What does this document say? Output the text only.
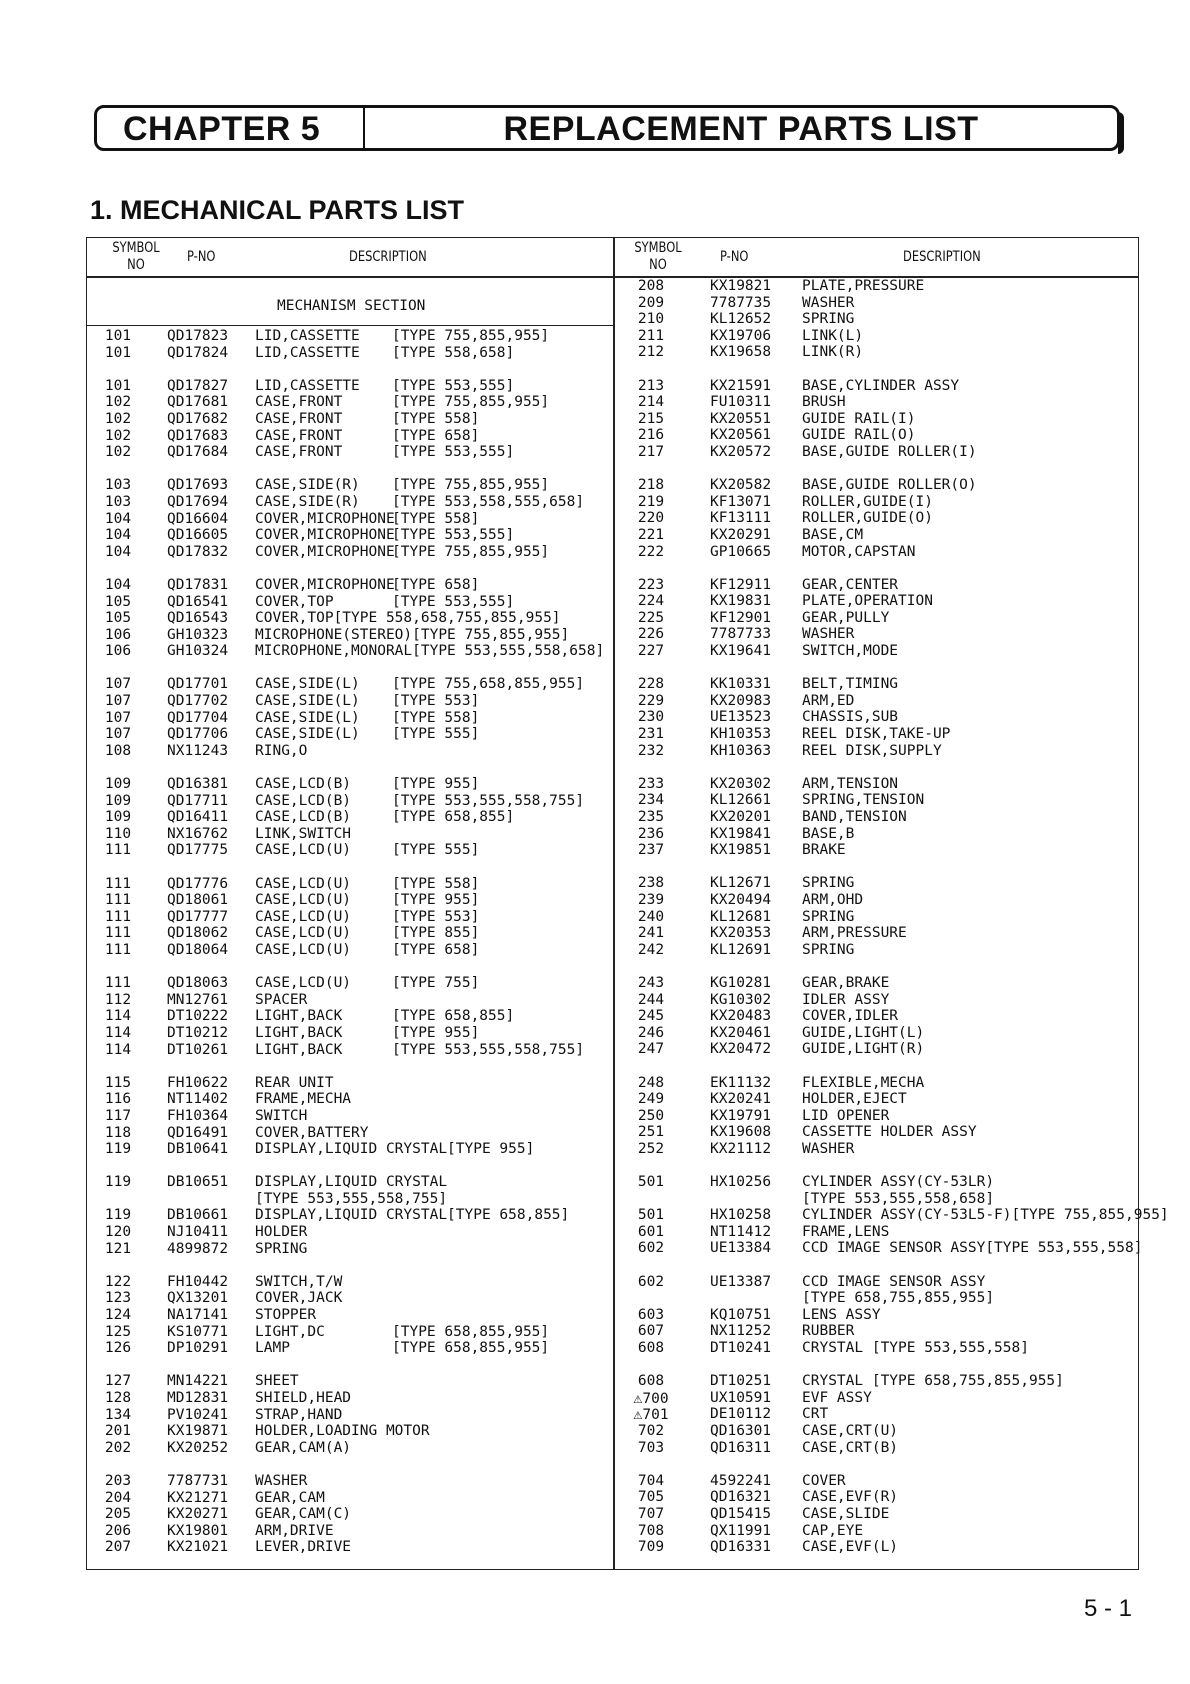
CHAPTER 5	REPLACEMENT PARTS LIST
1. MECHANICAL PARTS LIST
SYMBOL
NO	P-NO	DESCRIPTION
SYMBOL
NO	P-NO	DESCRIPTION
MECHANISM SECTION
101	QD17823 LID,CASSETTE [TYPE 755,855,955]
101	QD17824 LID,CASSETTE [TYPE 558,658]
101	QD17827 LID,CASSETTE [TYPE 553,555]
102	QD17681 CASE,FRONT	[TYPE 755,855,955]
102	QD17682 CASE,FRONT	[TYPE 558]
102	QD17683 CASE,FRONT	[TYPE 658]
102	QD17684 CASE,FRONT	[TYPE 553,555]
103	QD17693 CASE,SIDE(R) [TYPE 755,855,955]
103	QD17694 CASE,SIDE(R) [TYPE 553,558,555,658]
104	QD16604 COVER,MICROPHONE
[TYPE 558]
104	QD16605 COVER,MICROPHONE
[TYPE 553,555]
104	QD17832 COVER,MICROPHONE
[TYPE 755,855,955]
104	QD17831 COVER,MICROPHONE
[TYPE 658]
105	QD16541 COVER,TOP	[TYPE 553,555]
105	QD16543 COVER,TOP[TYPE 558,658,755,855,955]
106	GH10323 MICROPHONE(STEREO)[TYPE 755,855,955]
106	GH10324 MICROPHONE,MONORAL[TYPE 553,555,558,658]
107	QD17701 CASE,SIDE(L) [TYPE 755,658,855,955]
107	QD17702 CASE,SIDE(L) [TYPE 553]
107	QD17704 CASE,SIDE(L) [TYPE 558]
107	QD17706 CASE,SIDE(L) [TYPE 555]
108	NX11243 RING,O
109	QD16381 CASE,LCD(B)	[TYPE 955]
109	QD17711 CASE,LCD(B)	[TYPE 553,555,558,755]
109	QD16411 CASE,LCD(B)	[TYPE 658,855]
110	NX16762 LINK,SWITCH
111	QD17775 CASE,LCD(U)	[TYPE 555]
111	QD17776 CASE,LCD(U)	[TYPE 558]
111	QD18061 CASE,LCD(U)	[TYPE 955]
111	QD17777 CASE,LCD(U)	[TYPE 553]
111	QD18062 CASE,LCD(U)	[TYPE 855]
111	QD18064 CASE,LCD(U)	[TYPE 658]
111	QD18063 CASE,LCD(U)	[TYPE 755]
112	MN12761 SPACER
114	DT10222 LIGHT,BACK	[TYPE 658,855]
114	DT10212 LIGHT,BACK	[TYPE 955]
114	DT10261 LIGHT,BACK	[TYPE 553,555,558,755]
115	FH10622 REAR UNIT
116	NT11402 FRAME,MECHA
117	FH10364 SWITCH
118	QD16491 COVER,BATTERY
119	DB10641 DISPLAY,LIQUID CRYSTAL[TYPE 955]
119	DB10651 DISPLAY,LIQUID CRYSTAL
[TYPE 553,555,558,755]
119	DB10661 DISPLAY,LIQUID CRYSTAL[TYPE 658,855]
120	NJ10411 HOLDER
121	4899872 SPRING
122	FH10442 SWITCH,T/W
123	QX13201 COVER,JACK
124	NA17141 STOPPER
125	KS10771 LIGHT,DC	[TYPE 658,855,955]
126	DP10291 LAMP	[TYPE 658,855,955]
127	MN14221 SHEET
128	MD12831 SHIELD,HEAD
134	PV10241 STRAP,HAND
201	KX19871 HOLDER,LOADING MOTOR
202	KX20252 GEAR,CAM(A)
203	7787731 WASHER
204	KX21271 GEAR,CAM
205	KX20271 GEAR,CAM(C)
206	KX19801 ARM,DRIVE
207	KX21021 LEVER,DRIVE
208	KX19821 PLATE,PRESSURE
209	7787735 WASHER
210	KL12652 SPRING
211	KX19706 LINK(L)
212	KX19658 LINK(R)
213	KX21591 BASE,CYLINDER ASSY
214	FU10311 BRUSH
215	KX20551 GUIDE RAIL(I)
216	KX20561 GUIDE RAIL(O)
217	KX20572 BASE,GUIDE ROLLER(I)
218	KX20582 BASE,GUIDE ROLLER(O)
219	KF13071 ROLLER,GUIDE(I)
220	KF13111 ROLLER,GUIDE(O)
221	KX20291 BASE,CM
222	GP10665 MOTOR,CAPSTAN
223	KF12911 GEAR,CENTER
224	KX19831 PLATE,OPERATION
225	KF12901 GEAR,PULLY
226	7787733 WASHER
227	KX19641 SWITCH,MODE
228	KK10331 BELT,TIMING
229	KX20983 ARM,ED
230	UE13523 CHASSIS,SUB
231	KH10353 REEL DISK,TAKE-UP
232	KH10363 REEL DISK,SUPPLY
233	KX20302 ARM,TENSION
234	KL12661 SPRING,TENSION
235	KX20201 BAND,TENSION
236	KX19841 BASE,B
237	KX19851 BRAKE
238	KL12671 SPRING
239	KX20494 ARM,OHD
240	KL12681 SPRING
241	KX20353 ARM,PRESSURE
242	KL12691 SPRING
243	KG10281 GEAR,BRAKE
244	KG10302 IDLER ASSY
245	KX20483 COVER,IDLER
246	KX20461 GUIDE,LIGHT(L)
247	KX20472 GUIDE,LIGHT(R)
248	EK11132 FLEXIBLE,MECHA
249	KX20241 HOLDER,EJECT
250	KX19791 LID OPENER
251	KX19608 CASSETTE HOLDER ASSY
252	KX21112 WASHER
501	HX10256 CYLINDER ASSY(CY-53LR)
[TYPE 553,555,558,658]
501	HX10258 CYLINDER ASSY(CY-53L5-F)[TYPE 755,855,955]
601	NT11412 FRAME,LENS
602	UE13384 CCD IMAGE SENSOR ASSY[TYPE 553,555,558]
602	UE13387 CCD IMAGE SENSOR ASSY
[TYPE 658,755,855,955]
603	KQ10751 LENS ASSY
607	NX11252 RUBBER
608	DT10241 CRYSTAL [TYPE 553,555,558]
608	DT10251 CRYSTAL [TYPE 658,755,855,955]
⚠700	UX10591 EVF ASSY
⚠701	DE10112 CRT
702	QD16301 CASE,CRT(U)
703	QD16311 CASE,CRT(B)
704	4592241 COVER
705	QD16321 CASE,EVF(R)
707	QD15415 CASE,SLIDE
708	QX11991 CAP,EYE
709	QD16331 CASE,EVF(L)
5 - 1
